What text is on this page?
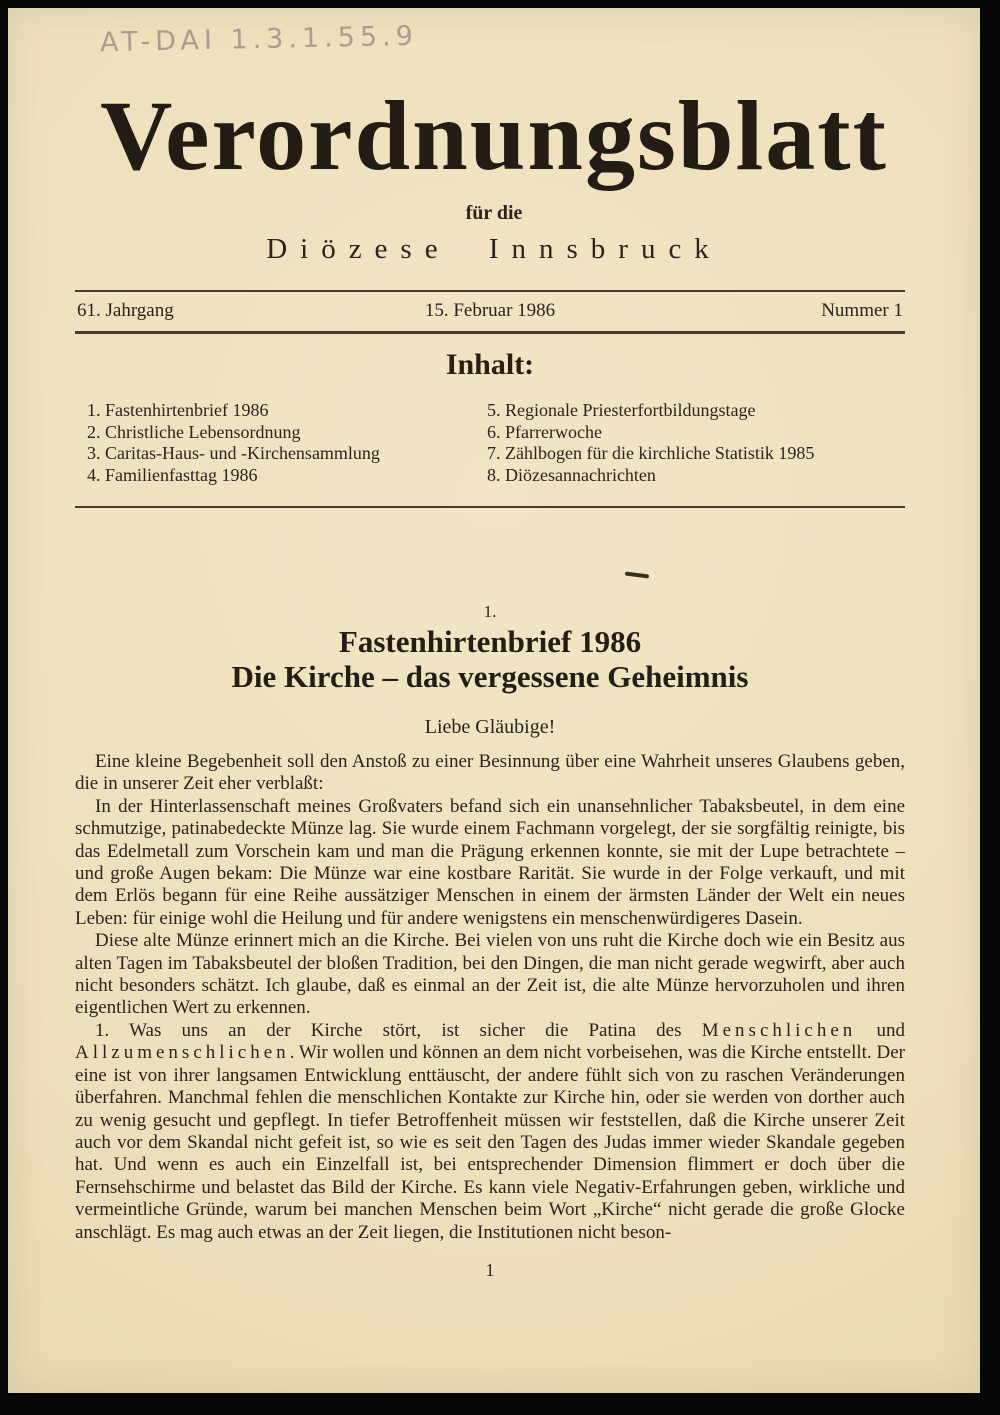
AT-DAI 1.3.1.55.9
Verordnungsblatt
für die
Diözese Innsbruck
61. Jahrgang	15. Februar 1986	Nummer 1
Inhalt:
1. Fastenhirtenbrief 1986
2. Christliche Lebensordnung
3. Caritas-Haus- und -Kirchensammlung
4. Familienfasttag 1986
5. Regionale Priesterfortbildungstage
6. Pfarrerwoche
7. Zählbogen für die kirchliche Statistik 1985
8. Diözesannachrichten
1.
Fastenhirtenbrief 1986
Die Kirche – das vergessene Geheimnis
Liebe Gläubige!

Eine kleine Begebenheit soll den Anstoß zu einer Besinnung über eine Wahrheit unseres Glaubens geben, die in unserer Zeit eher verblaßt:

In der Hinterlassenschaft meines Großvaters befand sich ein unansehnlicher Tabaksbeutel, in dem eine schmutzige, patinabedeckte Münze lag. Sie wurde einem Fachmann vorgelegt, der sie sorgfältig reinigte, bis das Edelmetall zum Vorschein kam und man die Prägung erkennen konnte, sie mit der Lupe betrachtete – und große Augen bekam: Die Münze war eine kostbare Rarität. Sie wurde in der Folge verkauft, und mit dem Erlös begann für eine Reihe aussätziger Menschen in einem der ärmsten Länder der Welt ein neues Leben: für einige wohl die Heilung und für andere wenigstens ein menschenwürdigeres Dasein.

Diese alte Münze erinnert mich an die Kirche. Bei vielen von uns ruht die Kirche doch wie ein Besitz aus alten Tagen im Tabaksbeutel der bloßen Tradition, bei den Dingen, die man nicht gerade wegwirft, aber auch nicht besonders schätzt. Ich glaube, daß es einmal an der Zeit ist, die alte Münze hervorzuholen und ihren eigentlichen Wert zu erkennen.

1. Was uns an der Kirche stört, ist sicher die Patina des Menschlichen und Allzumenschlichen. Wir wollen und können an dem nicht vorbeisehen, was die Kirche entstellt. Der eine ist von ihrer langsamen Entwicklung enttäuscht, der andere fühlt sich von zu raschen Veränderungen überfahren. Manchmal fehlen die menschlichen Kontakte zur Kirche hin, oder sie werden von dorther auch zu wenig gesucht und gepflegt. In tiefer Betroffenheit müssen wir feststellen, daß die Kirche unserer Zeit auch vor dem Skandal nicht gefeit ist, so wie es seit den Tagen des Judas immer wieder Skandale gegeben hat. Und wenn es auch ein Einzelfall ist, bei entsprechender Dimension flimmert er doch über die Fernsehschirme und belastet das Bild der Kirche. Es kann viele Negativ-Erfahrungen geben, wirkliche und vermeintliche Gründe, warum bei manchen Menschen beim Wort „Kirche“ nicht gerade die große Glocke anschlägt. Es mag auch etwas an der Zeit liegen, die Institutionen nicht beson-

1
